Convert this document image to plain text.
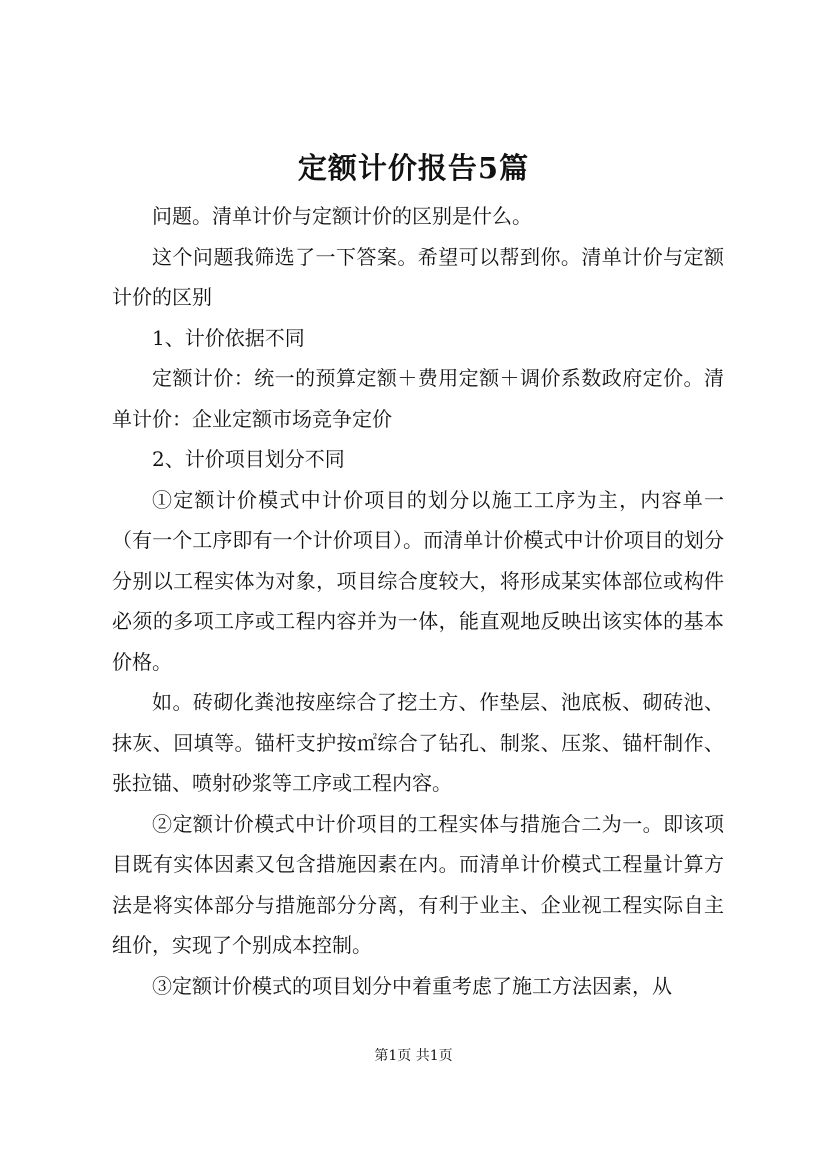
定额计价报告5篇

问题。清单计价与定额计价的区别是什么。

这个问题我筛选了一下答案。希望可以帮到你。清单计价与定额计价的区别

1、计价依据不同

定额计价：统一的预算定额＋费用定额＋调价系数政府定价。清单计价：企业定额市场竞争定价

2、计价项目划分不同

①定额计价模式中计价项目的划分以施工工序为主，内容单一（有一个工序即有一个计价项目）。而清单计价模式中计价项目的划分分别以工程实体为对象，项目综合度较大，将形成某实体部位或构件必须的多项工序或工程内容并为一体，能直观地反映出该实体的基本价格。

如。砖砌化粪池按座综合了挖土方、作垫层、池底板、砌砖池、抹灰、回填等。锚杆支护按㎡综合了钻孔、制浆、压浆、锚杆制作、张拉锚、喷射砂浆等工序或工程内容。

②定额计价模式中计价项目的工程实体与措施合二为一。即该项目既有实体因素又包含措施因素在内。而清单计价模式工程量计算方法是将实体部分与措施部分分离，有利于业主、企业视工程实际自主组价，实现了个别成本控制。

③定额计价模式的项目划分中着重考虑了施工方法因素，从

第1页 共1页
